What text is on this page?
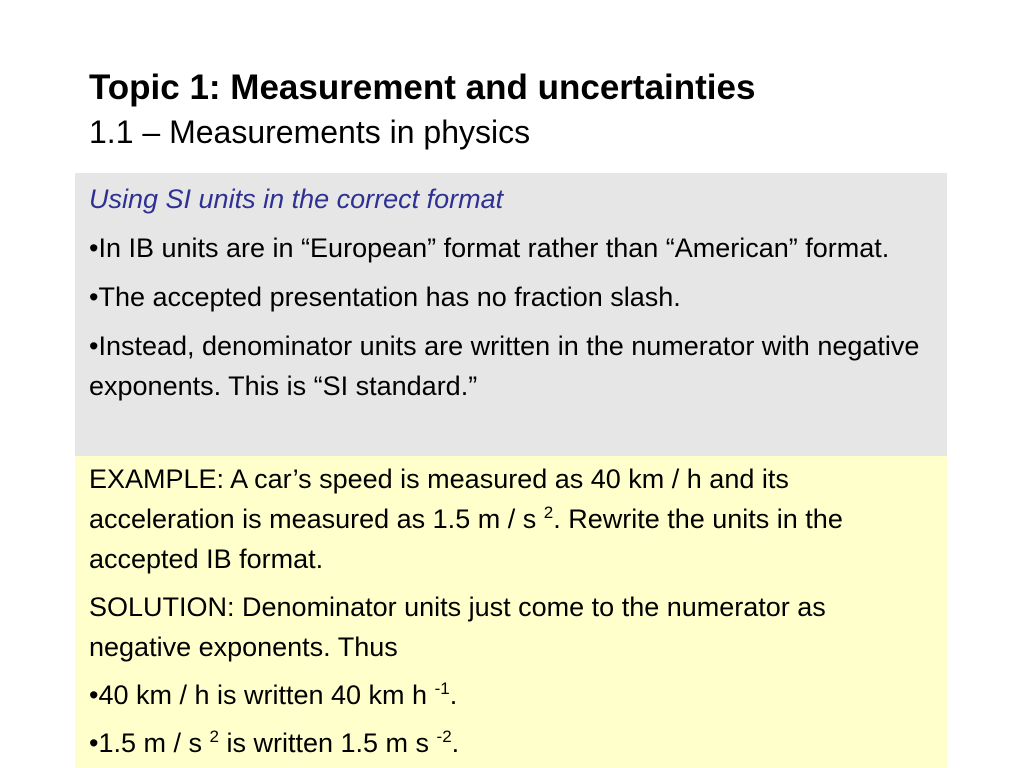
Topic 1: Measurement and uncertainties

1.1 – Measurements in physics

Using SI units in the correct format

•In IB units are in “European” format rather than “American” format.

•The accepted presentation has no fraction slash.

•Instead, denominator units are written in the numerator with negative exponents. This is “SI standard.”

EXAMPLE: A car’s speed is measured as 40 km / h and its acceleration is measured as 1.5 m / s $^2$. Rewrite the units in the accepted IB format.

SOLUTION: Denominator units just come to the numerator as negative exponents. Thus

•40 km / h is written 40 km h $^{-1}$.

•1.5 m / s $^2$ is written 1.5 m s $^{-2}$.
